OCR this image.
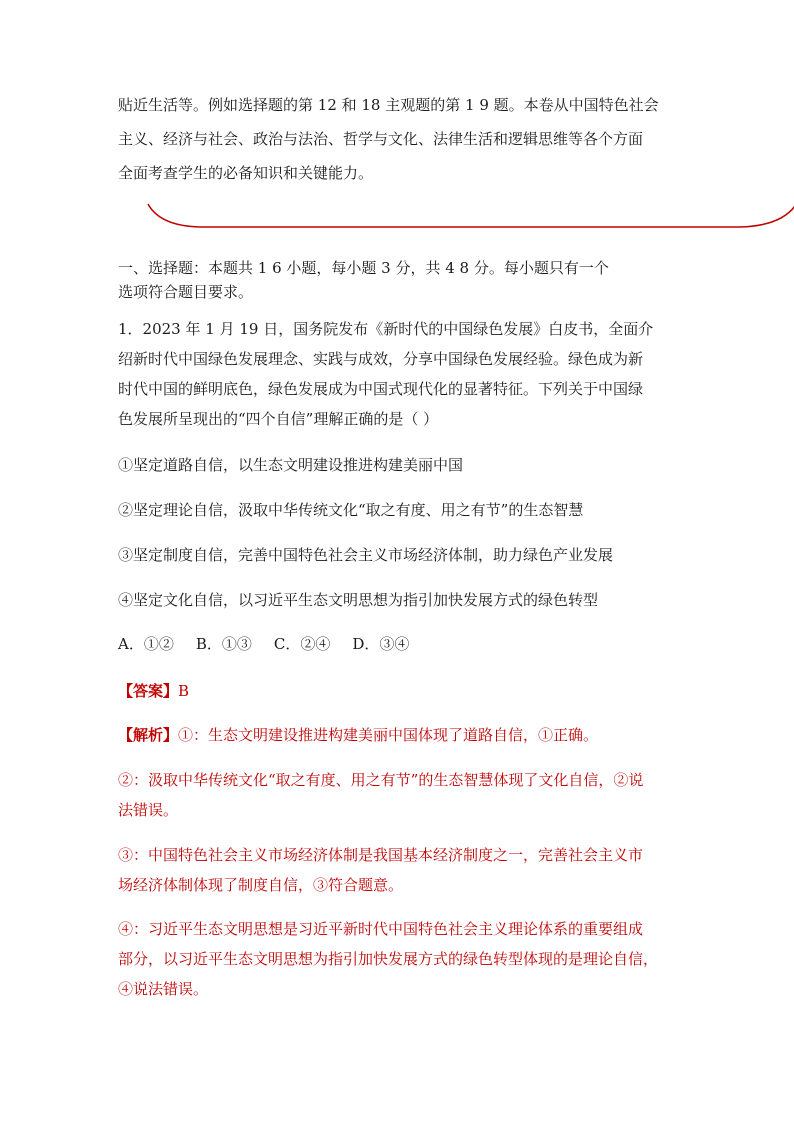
贴近生活等。例如选择题的第 12 和 18 主观题的第 1 9 题。本卷从中国特色社会

主义、经济与社会、政治与法治、哲学与文化、法律生活和逻辑思维等各个方面

全面考查学生的必备知识和关键能力。

一、选择题：本题共 1 6 小题，每小题 3 分，共 4 8 分。每小题只有一个

选项符合题目要求。

1．2023 年 1 月 19 日，国务院发布《新时代的中国绿色发展》白皮书，全面介

绍新时代中国绿色发展理念、实践与成效，分享中国绿色发展经验。绿色成为新

时代中国的鲜明底色，绿色发展成为中国式现代化的显著特征。下列关于中国绿

色发展所呈现出的“四个自信”理解正确的是（ ）

①坚定道路自信，以生态文明建设推进构建美丽中国

②坚定理论自信，汲取中华传统文化“取之有度、用之有节”的生态智慧

③坚定制度自信，完善中国特色社会主义市场经济体制，助力绿色产业发展

④坚定文化自信，以习近平生态文明思想为指引加快发展方式的绿色转型

A．①② B．①③ C．②④ D．③④

【答案】B

【解析】①：生态文明建设推进构建美丽中国体现了道路自信，①正确。

②：汲取中华传统文化“取之有度、用之有节”的生态智慧体现了文化自信，②说

法错误。

③：中国特色社会主义市场经济体制是我国基本经济制度之一，完善社会主义市

场经济体制体现了制度自信，③符合题意。

④：习近平生态文明思想是习近平新时代中国特色社会主义理论体系的重要组成

部分，以习近平生态文明思想为指引加快发展方式的绿色转型体现的是理论自信，

④说法错误。
